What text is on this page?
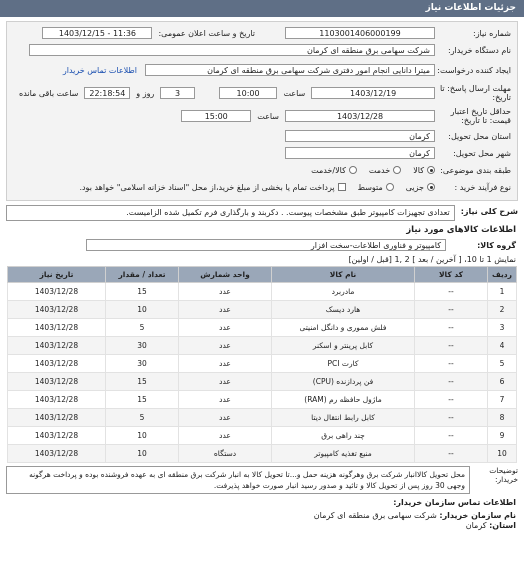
جزئیات اطلاعات نیاز
شماره نیاز:
1103001406000199
تاریخ و ساعت اعلان عمومی:
1403/12/15 - 11:36
نام دستگاه خریدار:
شرکت سهامی برق منطقه ای کرمان
ایجاد کننده درخواست:
میترا دانایی انجام امور دفتری شرکت سهامی برق منطقه ای کرمان
اطلاعات تماس خریدار
مهلت ارسال پاسخ: تا تاریخ:
1403/12/19
ساعت
10:00
3
روز و
22:18:54
ساعت باقی مانده
حداقل تاریخ اعتبار قیمت: تا تاریخ:
1403/12/28
ساعت
15:00
استان محل تحویل:
کرمان
شهر محل تحویل:
کرمان
طبقه بندی موضوعی:
کالا
خدمت
کالا/خدمت
نوع فرآیند خرید :
جزیی
متوسط
پرداخت تمام یا بخشی از مبلغ خرید،از محل "اسناد خزانه اسلامی" خواهد بود.
شرح کلی نیاز:
تعدادی تجهیزات کامپیوتر طبق مشخصات پیوست. . دکربند و بارگذاری فرم تکمیل شده الزامیست.
اطلاعات کالاهای مورد نیاز
گروه کالا:
کامپیوتر و فناوری اطلاعات-سخت افزار
نمایش 1 تا 10، [ آخرین / بعد ] 2 ,1 [قبل / اولین]
ردیف	کد کالا	نام کالا	واحد شمارش	تعداد / مقدار	تاریخ نیاز
1	--	مادربرد	عدد	15	1403/12/28
2	--	هارد دیسک	عدد	10	1403/12/28
3	--	فلش مموری و دانگل امنیتی	عدد	5	1403/12/28
4	--	کابل پرینتر و اسکنر	عدد	30	1403/12/28
5	--	کارت PCI	عدد	30	1403/12/28
6	--	فن پردازنده (CPU)	عدد	15	1403/12/28
7	--	ماژول حافظه رم (RAM)	عدد	15	1403/12/28
8	--	کابل رابط انتقال دیتا	عدد	5	1403/12/28
9	--	چند راهی برق	عدد	10	1403/12/28
10	--	منبع تغذیه کامپیوتر	دستگاه	10	1403/12/28
توضیحات خریدار:
محل تحویل کالاانبار شرکت برق وهرگونه هزینه حمل و...تا تحویل کالا به انبار شرکت برق منطقه ای به عهده فروشنده بوده و پرداخت هرگونه وجهی 30 روز پس از تحویل کالا و تائید و صدور رسید انبار صورت خواهد پذیرفت.
اطلاعات تماس سازمان خریدار:
نام سازمان خریدار: شرکت سهامی برق منطقه ای کرمان
استان: کرمان
